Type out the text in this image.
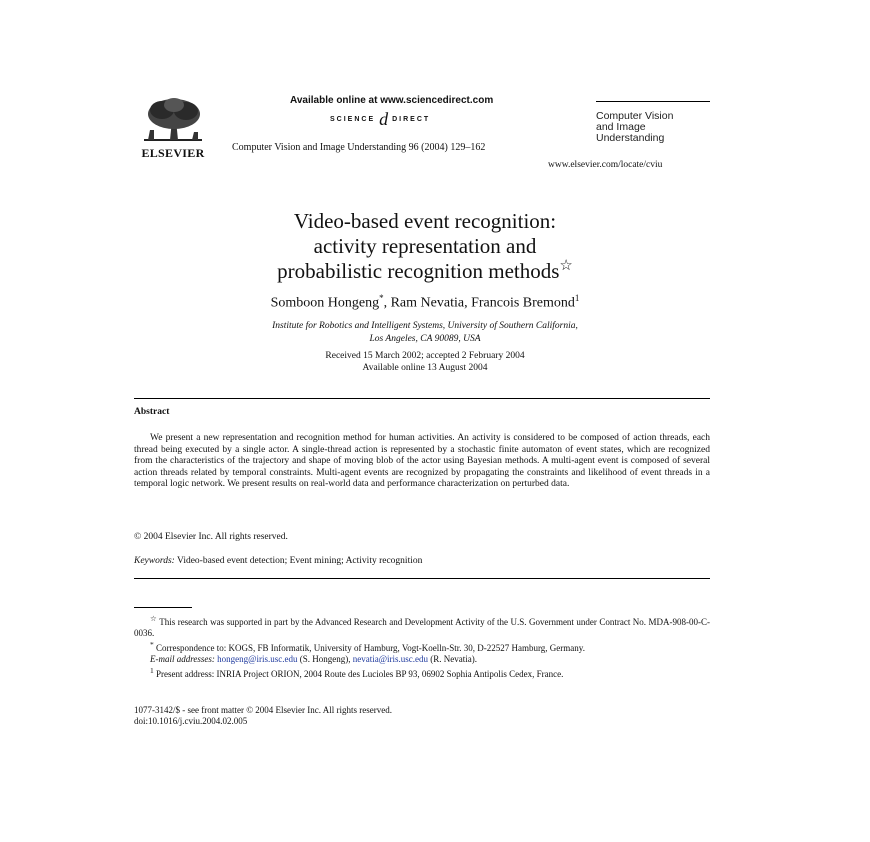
ELSEVIER
Available online at www.sciencedirect.com
SCIENCE d DIRECT
Computer Vision and Image Understanding 96 (2004) 129–162
Computer Vision
and Image
Understanding
www.elsevier.com/locate/cviu
Video-based event recognition:
activity representation and
probabilistic recognition methods☆
Somboon Hongeng*, Ram Nevatia, Francois Bremond$^1$
Institute for Robotics and Intelligent Systems, University of Southern California,
Los Angeles, CA 90089, USA
Received 15 March 2002; accepted 2 February 2004
Available online 13 August 2004
Abstract
We present a new representation and recognition method for human activities. An activity is considered to be composed of action threads, each thread being executed by a single actor. A single-thread action is represented by a stochastic finite automaton of event states, which are recognized from the characteristics of the trajectory and shape of moving blob of the actor using Bayesian methods. A multi-agent event is composed of several action threads related by temporal constraints. Multi-agent events are recognized by propagating the constraints and likelihood of event threads in a temporal logic network. We present results on real-world data and performance characterization on perturbed data.
© 2004 Elsevier Inc. All rights reserved.
Keywords: Video-based event detection; Event mining; Activity recognition
☆ This research was supported in part by the Advanced Research and Development Activity of the U.S. Government under Contract No. MDA-908-00-C-0036.
* Correspondence to: KOGS, FB Informatik, University of Hamburg, Vogt-Koelln-Str. 30, D-22527 Hamburg, Germany.
E-mail addresses: hongeng@iris.usc.edu (S. Hongeng), nevatia@iris.usc.edu (R. Nevatia).
$^1$ Present address: INRIA Project ORION, 2004 Route des Lucioles BP 93, 06902 Sophia Antipolis Cedex, France.
1077-3142/$ - see front matter © 2004 Elsevier Inc. All rights reserved.
doi:10.1016/j.cviu.2004.02.005
